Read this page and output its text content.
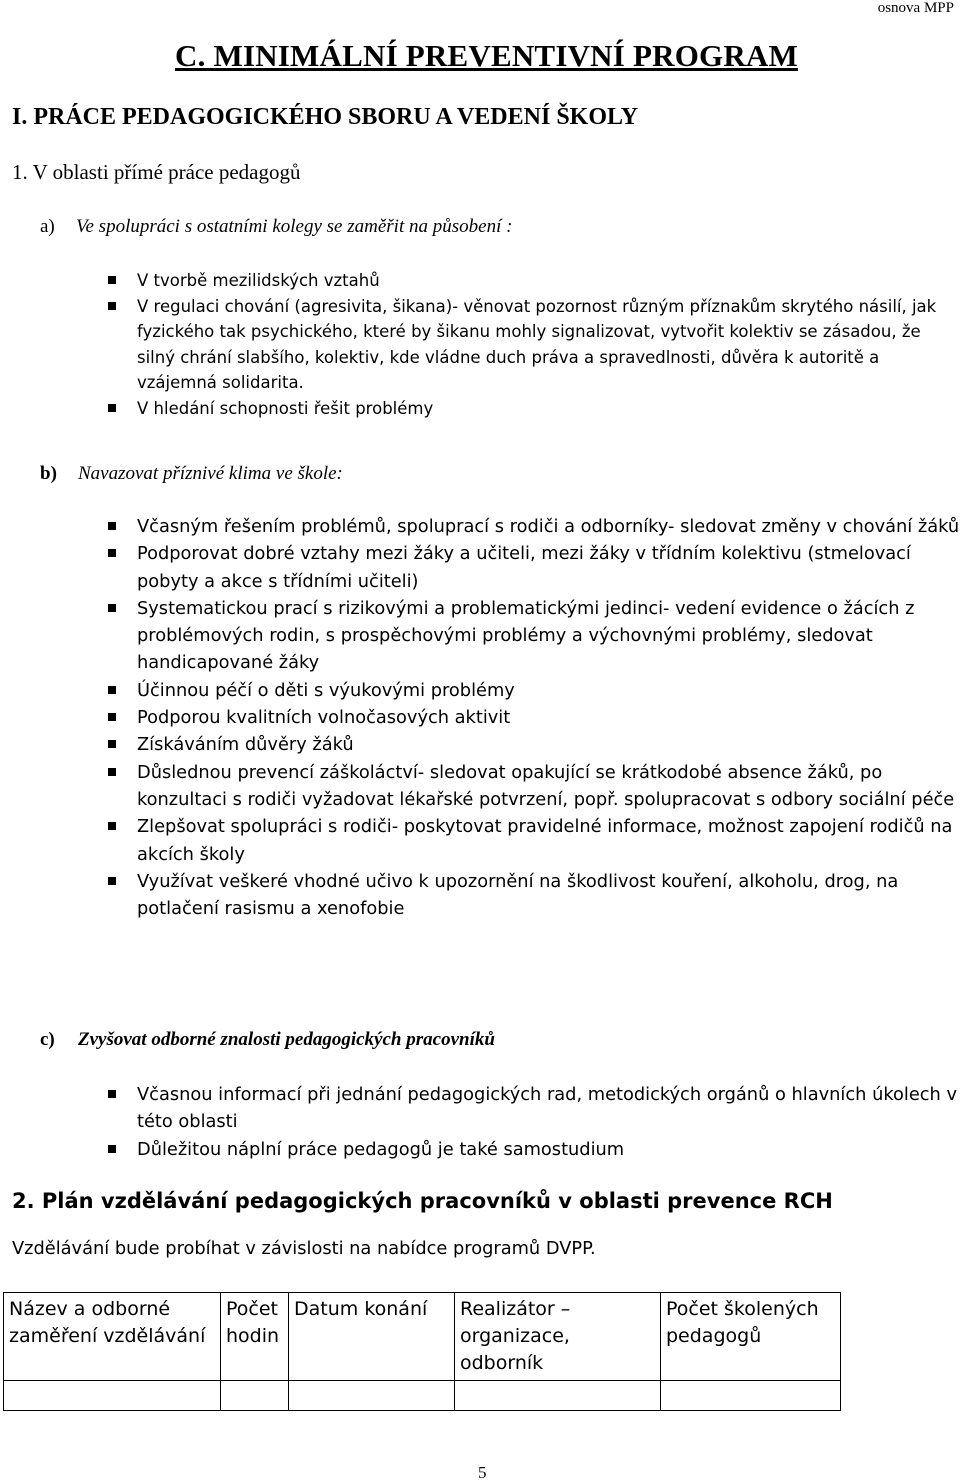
osnova MPP
C. MINIMÁLNÍ PREVENTIVNÍ PROGRAM
I. PRÁCE PEDAGOGICKÉHO SBORU A VEDENÍ ŠKOLY
1. V oblasti přímé práce pedagogů
a) Ve spolupráci s ostatními kolegy se zaměřit na působení :
V tvorbě mezilidských vztahů
V regulaci chování (agresivita, šikana)- věnovat pozornost různým příznakům skrytého násilí, jak fyzického tak psychického, které by šikanu mohly signalizovat, vytvořit kolektiv se zásadou, že silný chrání slabšího, kolektiv, kde vládne duch práva a spravedlnosti, důvěra k autoritě a vzájemná solidarita.
V hledání schopnosti řešit problémy
b) Navazovat příznivé klima ve škole:
Včasným řešením problémů, spoluprací s rodiči a odborníky- sledovat změny v chování žáků
Podporovat dobré vztahy mezi žáky a učiteli, mezi žáky v třídním kolektivu (stmelovací pobyty a akce s třídními učiteli)
Systematickou prací s rizikovými a problematickými jedinci- vedení evidence o žácích z problémových rodin, s prospěchovými problémy a výchovnými problémy, sledovat handicapované žáky
Účinnou péčí o děti s výukovými problémy
Podporou kvalitních volnočasových aktivit
Získáváním důvěry žáků
Důslednou prevencí záškoláctví- sledovat opakující se krátkodobé absence žáků, po konzultaci s rodiči vyžadovat lékařské potvrzení, popř. spolupracovat s odbory sociální péče
Zlepšovat spolupráci s rodiči- poskytovat pravidelné informace, možnost zapojení rodičů na akcích školy
Využívat veškeré vhodné učivo k upozornění na škodlivost kouření, alkoholu, drog, na potlačení rasismu a xenofobie
c) Zvyšovat odborné znalosti pedagogických pracovníků
Včasnou informací při jednání pedagogických rad, metodických orgánů o hlavních úkolech v této oblasti
Důležitou náplní práce pedagogů je také samostudium
2. Plán vzdělávání pedagogických pracovníků v oblasti prevence RCH
Vzdělávání bude probíhat v závislosti na nabídce programů DVPP.
Název a odborné zaměření vzdělávání	Počet hodin	Datum konání	Realizátor – organizace, odborník	Počet školených pedagogů

5
